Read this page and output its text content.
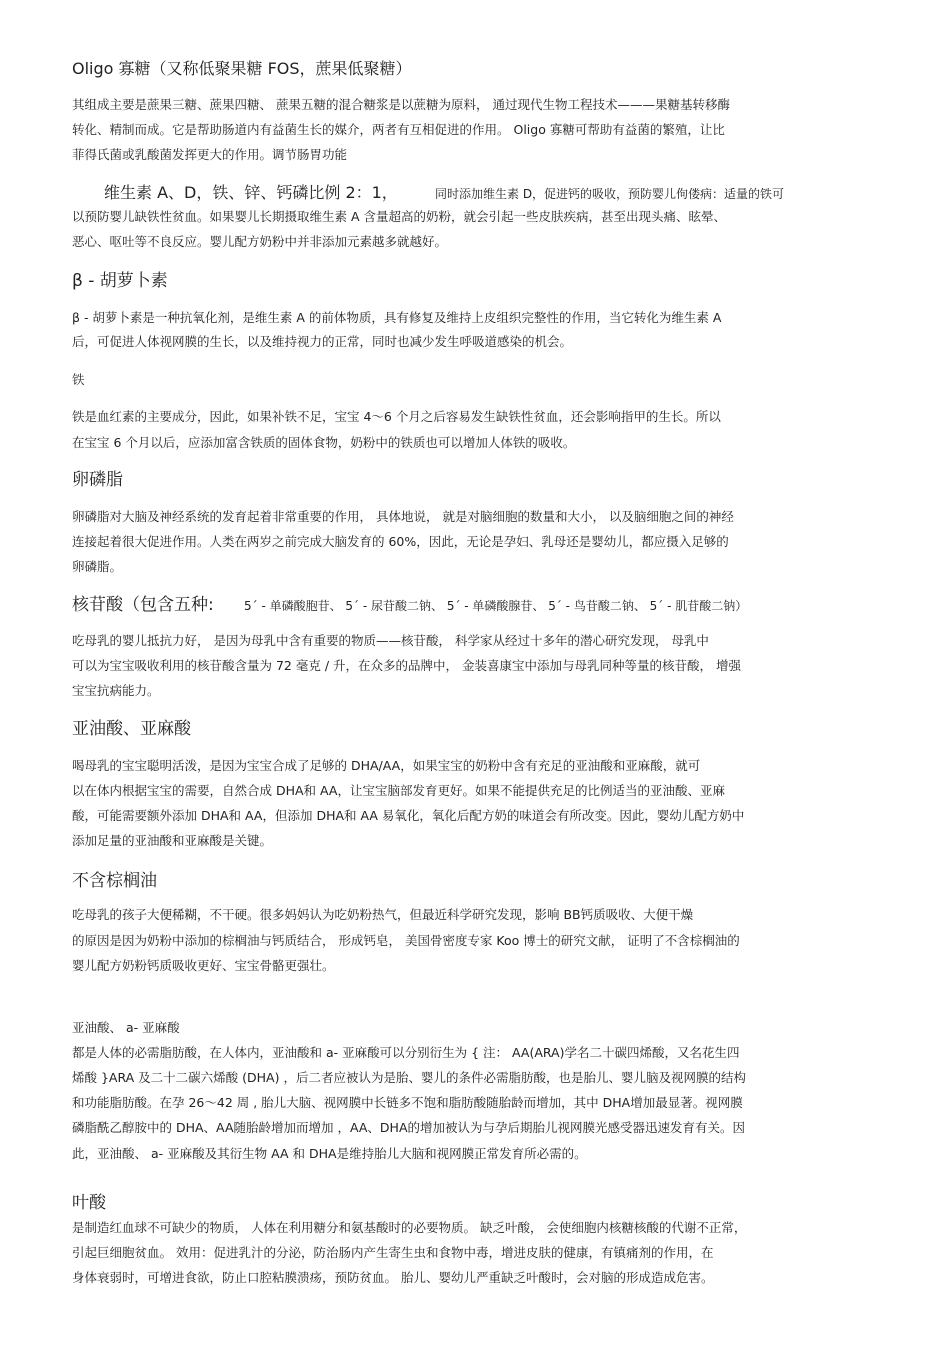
Oligo 寡糖（又称低聚果糖 FOS，蔗果低聚糖）
其组成主要是蔗果三糖、蔗果四糖、 蔗果五糖的混合糖浆是以蔗糖为原料， 通过现代生物工程技术———果糖基转移酶
转化、精制而成。它是帮助肠道内有益菌生长的媒介，两者有互相促进的作用。 Oligo 寡糖可帮助有益菌的繁殖，让比
菲得氏菌或乳酸菌发挥更大的作用。调节肠胃功能
维生素 A、D，铁、锌、钙磷比例 2：1，	同时添加维生素 D，促进钙的吸收，预防婴儿佝偻病：适量的铁可
以预防婴儿缺铁性贫血。如果婴儿长期摄取维生素 A 含量超高的奶粉，就会引起一些皮肤疾病，甚至出现头痛、眩晕、
恶心、呕吐等不良反应。婴儿配方奶粉中并非添加元素越多就越好。
β - 胡萝卜素
β - 胡萝卜素是一种抗氧化剂，是维生素 A 的前体物质，具有修复及维持上皮组织完整性的作用，当它转化为维生素 A
后，可促进人体视网膜的生长，以及维持视力的正常，同时也减少发生呼吸道感染的机会。
铁
铁是血红素的主要成分，因此，如果补铁不足，宝宝 4～6 个月之后容易发生缺铁性贫血，还会影响指甲的生长。所以
在宝宝 6 个月以后，应添加富含铁质的固体食物，奶粉中的铁质也可以增加人体铁的吸收。
卵磷脂
卵磷脂对大脑及神经系统的发育起着非常重要的作用， 具体地说， 就是对脑细胞的数量和大小， 以及脑细胞之间的神经
连接起着很大促进作用。人类在两岁之前完成大脑发育的 60%，因此，无论是孕妇、乳母还是婴幼儿，都应摄入足够的
卵磷脂。
核苷酸（包含五种:	5´ - 单磷酸胞苷、 5´ - 尿苷酸二钠、 5´ - 单磷酸腺苷、 5´ - 鸟苷酸二钠、 5´ - 肌苷酸二钠）
吃母乳的婴儿抵抗力好， 是因为母乳中含有重要的物质——核苷酸， 科学家从经过十多年的潜心研究发现， 母乳中
可以为宝宝吸收利用的核苷酸含量为 72 毫克 / 升，在众多的品牌中， 金装喜康宝中添加与母乳同种等量的核苷酸， 增强
宝宝抗病能力。
亚油酸、亚麻酸
喝母乳的宝宝聪明活泼，是因为宝宝合成了足够的 DHA/AA，如果宝宝的奶粉中含有充足的亚油酸和亚麻酸，就可
以在体内根据宝宝的需要，自然合成 DHA和 AA，让宝宝脑部发育更好。如果不能提供充足的比例适当的亚油酸、亚麻
酸，可能需要额外添加 DHA和 AA，但添加 DHA和 AA 易氧化，氧化后配方奶的味道会有所改变。因此，婴幼儿配方奶中
添加足量的亚油酸和亚麻酸是关键。
不含棕榈油
吃母乳的孩子大便稀糊，不干硬。很多妈妈认为吃奶粉热气，但最近科学研究发现，影响 BB钙质吸收、大便干燥
的原因是因为奶粉中添加的棕榈油与钙质结合， 形成钙皂， 美国骨密度专家 Koo 博士的研究文献， 证明了不含棕榈油的
婴儿配方奶粉钙质吸收更好、宝宝骨骼更强壮。
亚油酸、 a- 亚麻酸
都是人体的必需脂肪酸，在人体内，亚油酸和 a- 亚麻酸可以分别衍生为 { 注： AA(ARA)学名二十碳四烯酸，又名花生四
烯酸 }ARA 及二十二碳六烯酸 (DHA) ，后二者应被认为是胎、婴儿的条件必需脂肪酸，也是胎儿、婴儿脑及视网膜的结构
和功能脂肪酸。在孕 26～42 周 , 胎儿大脑、视网膜中长链多不饱和脂肪酸随胎龄而增加，其中 DHA增加最显著。视网膜
磷脂酰乙醇胺中的 DHA、AA随胎龄增加而增加 ，AA、DHA的增加被认为与孕后期胎儿视网膜光感受器迅速发育有关。因
此，亚油酸、 a- 亚麻酸及其衍生物 AA 和 DHA是维持胎儿大脑和视网膜正常发育所必需的。
叶酸
是制造红血球不可缺少的物质， 人体在利用糖分和氨基酸时的必要物质。 缺乏叶酸， 会使细胞内核糖核酸的代谢不正常，
引起巨细胞贫血。 效用：促进乳汁的分泌，防治肠内产生寄生虫和食物中毒，增进皮肤的健康，有镇痛剂的作用，在
身体衰弱时，可增进食欲，防止口腔粘膜溃疡，预防贫血。 胎儿、婴幼儿严重缺乏叶酸时，会对脑的形成造成危害。
